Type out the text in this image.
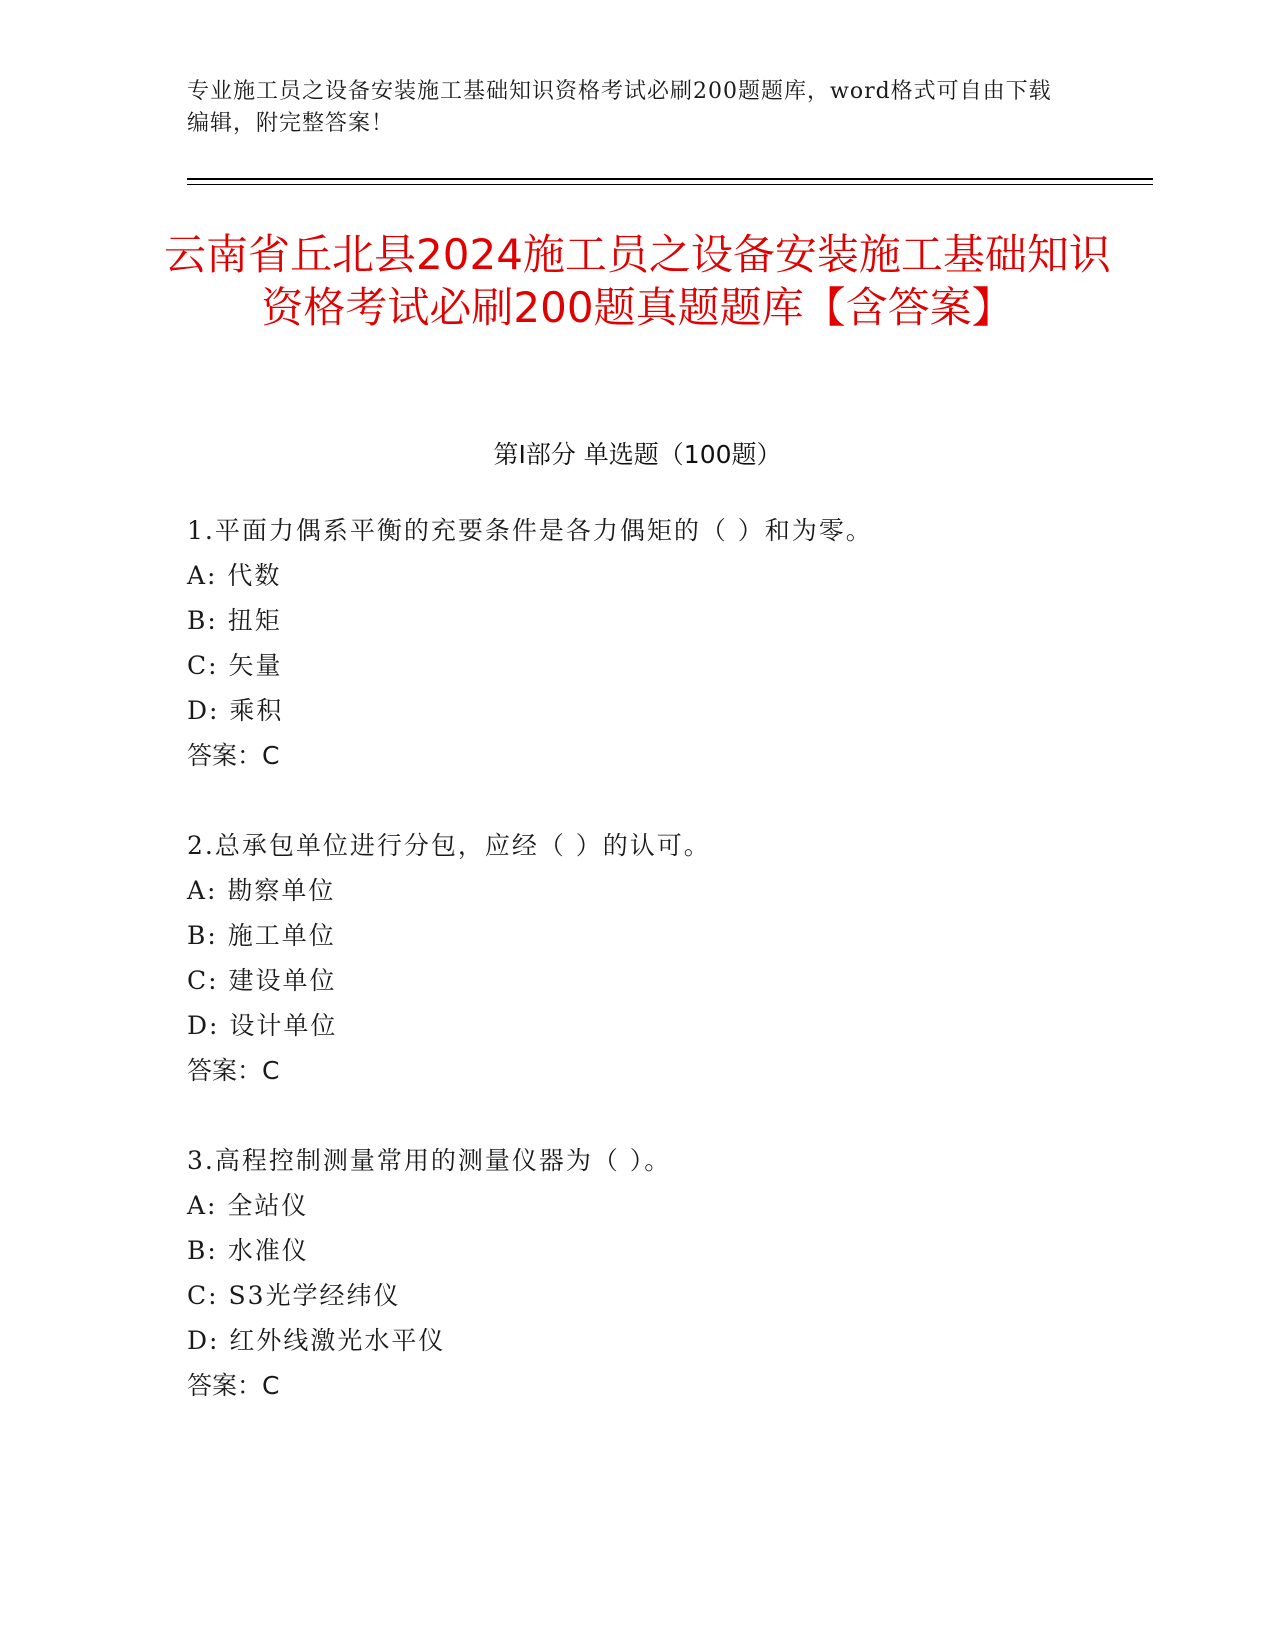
专业施工员之设备安装施工基础知识资格考试必刷200题题库，word格式可自由下载编辑，附完整答案！
云南省丘北县2024施工员之设备安装施工基础知识资格考试必刷200题真题题库【含答案】
第Ⅰ部分 单选题（100题）
1.平面力偶系平衡的充要条件是各力偶矩的（ ）和为零。
A: 代数
B: 扭矩
C: 矢量
D: 乘积
答案：C
2.总承包单位进行分包，应经（ ）的认可。
A: 勘察单位
B: 施工单位
C: 建设单位
D: 设计单位
答案：C
3.高程控制测量常用的测量仪器为（ ）。
A: 全站仪
B: 水准仪
C: S3光学经纬仪
D: 红外线激光水平仪
答案：C
